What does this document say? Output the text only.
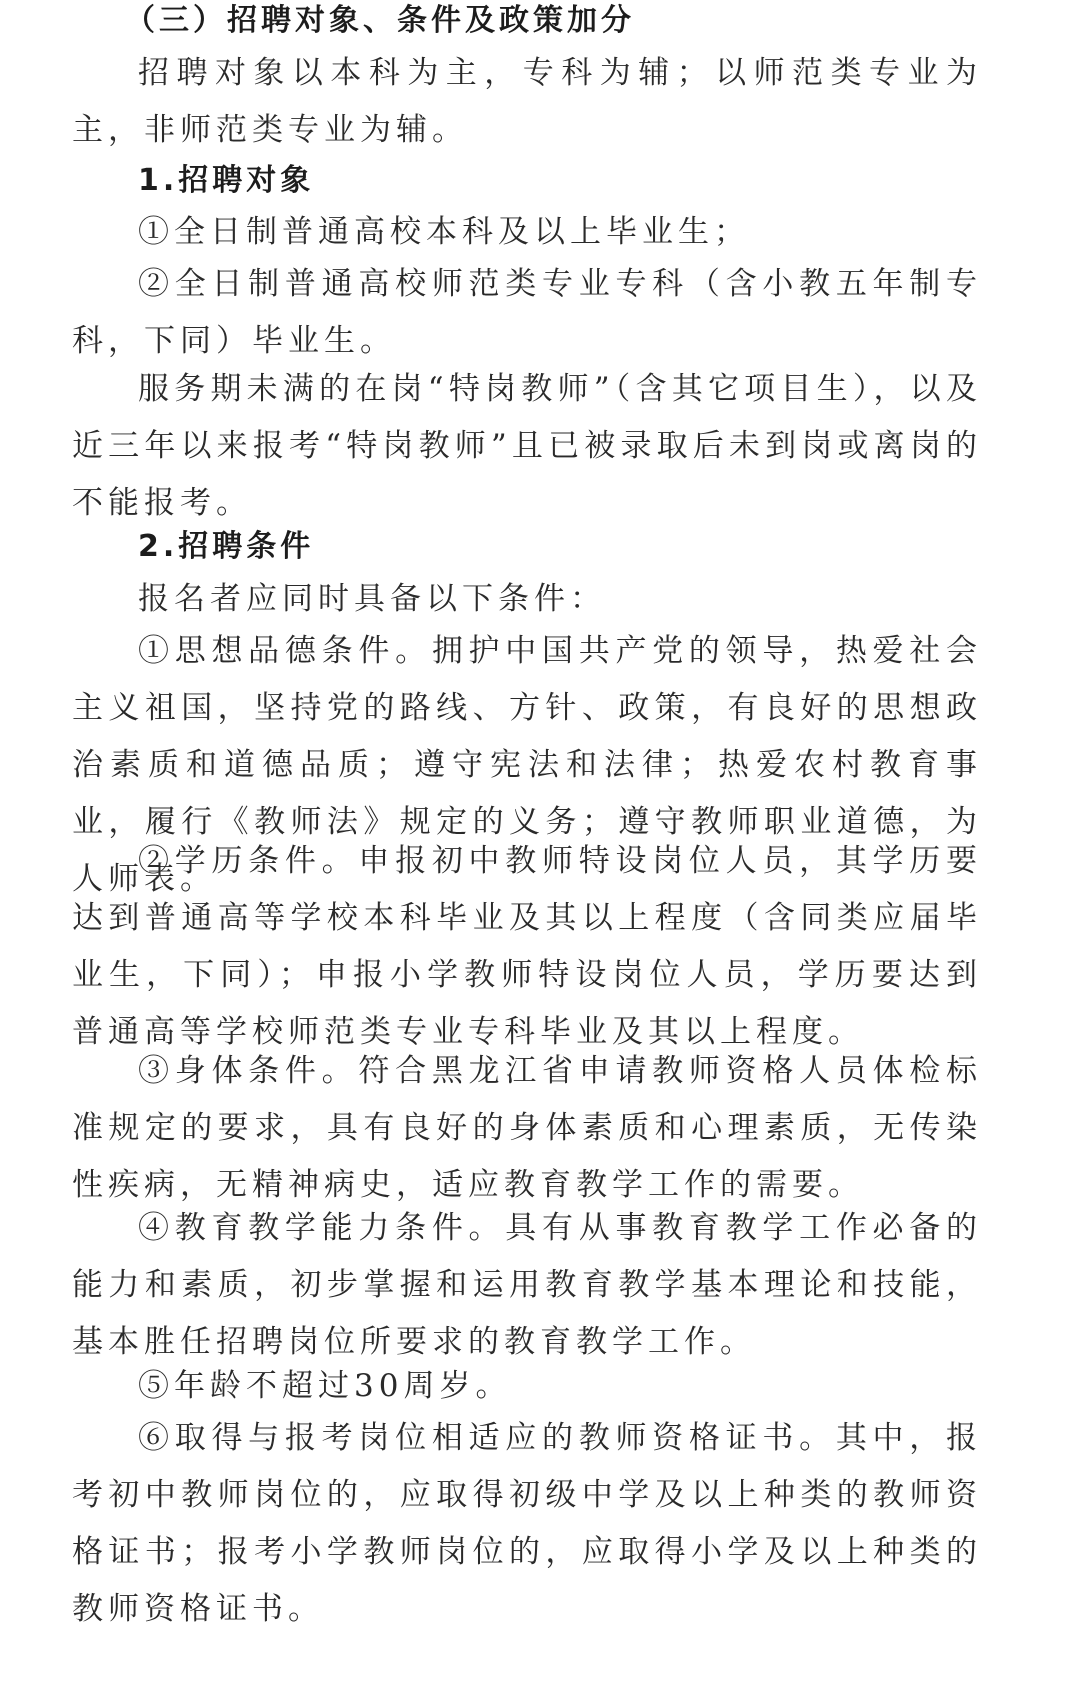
（三）招聘对象、条件及政策加分

招聘对象以本科为主，专科为辅；以师范类专业为主，非师范类专业为辅。

1.招聘对象

①全日制普通高校本科及以上毕业生；

②全日制普通高校师范类专业专科（含小教五年制专科，下同）毕业生。

服务期未满的在岗“特岗教师”（含其它项目生），以及近三年以来报考“特岗教师”且已被录取后未到岗或离岗的不能报考。

2.招聘条件

报名者应同时具备以下条件：

①思想品德条件。拥护中国共产党的领导，热爱社会主义祖国，坚持党的路线、方针、政策，有良好的思想政治素质和道德品质；遵守宪法和法律；热爱农村教育事业，履行《教师法》规定的义务；遵守教师职业道德，为人师表。

②学历条件。申报初中教师特设岗位人员，其学历要达到普通高等学校本科毕业及其以上程度（含同类应届毕业生，下同）；申报小学教师特设岗位人员，学历要达到普通高等学校师范类专业专科毕业及其以上程度。

③身体条件。符合黑龙江省申请教师资格人员体检标准规定的要求，具有良好的身体素质和心理素质，无传染性疾病，无精神病史，适应教育教学工作的需要。

④教育教学能力条件。具有从事教育教学工作必备的能力和素质，初步掌握和运用教育教学基本理论和技能，基本胜任招聘岗位所要求的教育教学工作。

⑤年龄不超过30周岁。

⑥取得与报考岗位相适应的教师资格证书。其中，报考初中教师岗位的，应取得初级中学及以上种类的教师资格证书；报考小学教师岗位的，应取得小学及以上种类的教师资格证书。
